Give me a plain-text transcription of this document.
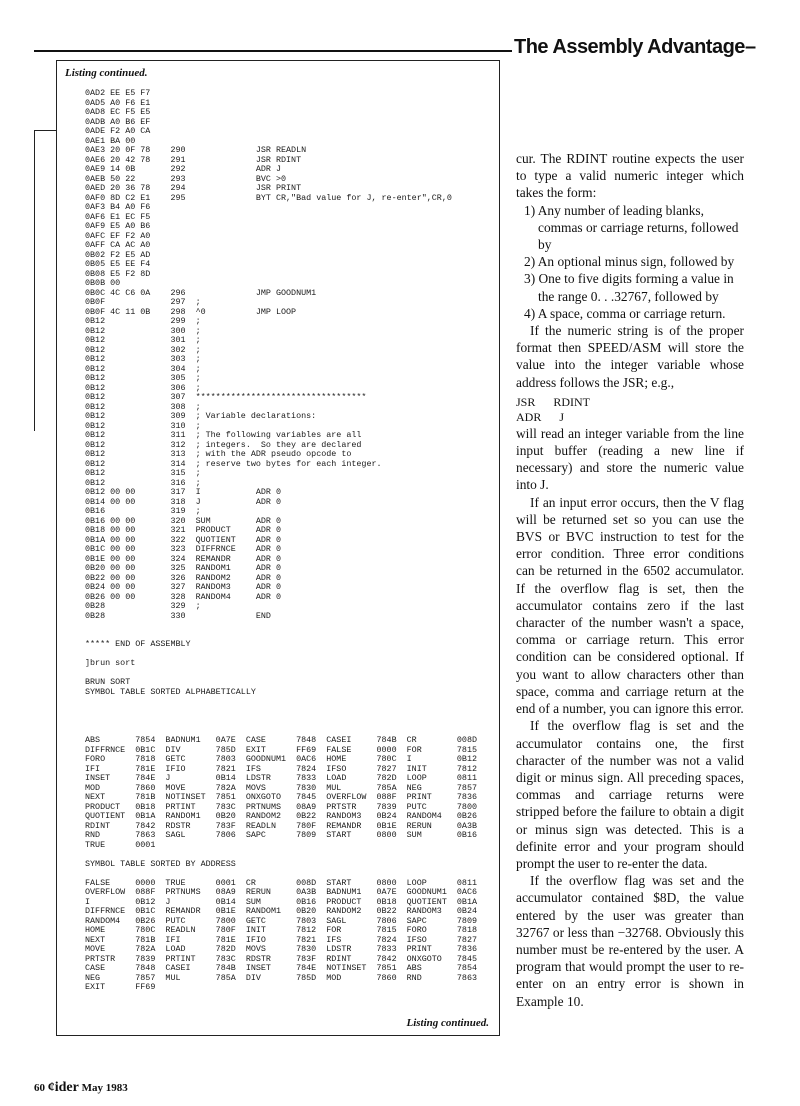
The Assembly Advantage–
Listing continued.
0AD2 EE E5 F7
0AD5 A0 F6 E1
0AD8 EC F5 E5
0ADB A0 B6 EF
0ADE F2 A0 CA
0AE1 BA 00
0AE3 20 0F 78    290              JSR READLN
0AE6 20 42 78    291              JSR RDINT
0AE9 14 0B       292              ADR J
0AEB 50 22       293              BVC >0
0AED 20 36 78    294              JSR PRINT
0AF0 8D C2 E1    295              BYT CR,"Bad value for J, re-enter",CR,0
0AF3 B4 A0 F6
0AF6 E1 EC F5
0AF9 E5 A0 B6
0AFC EF F2 A0
0AFF CA AC A0
0B02 F2 E5 AD
0B05 E5 EE F4
0B08 E5 F2 8D
0B0B 00
0B0C 4C C6 0A    296              JMP GOODNUM1
0B0F             297  ;
0B0F 4C 11 0B    298  ^0          JMP LOOP
0B12             299  ;
0B12             300  ;
0B12             301  ;
0B12             302  ;
0B12             303  ;
0B12             304  ;
0B12             305  ;
0B12             306  ;
0B12             307  **********************************
0B12             308  ;
0B12             309  ; Variable declarations:
0B12             310  ;
0B12             311  ; The following variables are all
0B12             312  ; integers.  So they are declared
0B12             313  ; with the ADR pseudo opcode to
0B12             314  ; reserve two bytes for each integer.
0B12             315  ;
0B12             316  ;
0B12 00 00       317  I           ADR 0
0B14 00 00       318  J           ADR 0
0B16             319  ;
0B16 00 00       320  SUM         ADR 0
0B18 00 00       321  PRODUCT     ADR 0
0B1A 00 00       322  QUOTIENT    ADR 0
0B1C 00 00       323  DIFFRNCE    ADR 0
0B1E 00 00       324  REMANDR     ADR 0
0B20 00 00       325  RANDOM1     ADR 0
0B22 00 00       326  RANDOM2     ADR 0
0B24 00 00       327  RANDOM3     ADR 0
0B26 00 00       328  RANDOM4     ADR 0
0B28             329  ;
0B28             330              END

***** END OF ASSEMBLY

]brun sort

BRUN SORT
SYMBOL TABLE SORTED ALPHABETICALLY
ABS       7854  BADNUM1   0A7E  CASE      7848  CASEI     784B  CR        008D
DIFFRNCE  0B1C  DIV       785D  EXIT      FF69  FALSE     0000  FOR       7815
FORO      7818  GETC      7803  GOODNUM1  0AC6  HOME      780C  I         0B12
IFI       781E  IFIO      7821  IFS       7824  IFSO      7827  INIT      7812
INSET     784E  J         0B14  LDSTR     7833  LOAD      782D  LOOP      0811
MOD       7860  MOVE      782A  MOVS      7830  MUL       785A  NEG       7857
NEXT      781B  NOTINSET  7851  ONXGOTO   7845  OVERFLOW  088F  PRINT     7836
PRODUCT   0B18  PRTINT    783C  PRTNUMS   08A9  PRTSTR    7839  PUTC      7800
QUOTIENT  0B1A  RANDOM1   0B20  RANDOM2   0B22  RANDOM3   0B24  RANDOM4   0B26
RDINT     7842  RDSTR     783F  READLN    780F  REMANDR   0B1E  RERUN     0A3B
RND       7863  SAGL      7806  SAPC      7809  START     0800  SUM       0B16
TRUE      0001

SYMBOL TABLE SORTED BY ADDRESS

FALSE     0000  TRUE      0001  CR        008D  START     0800  LOOP      0811
OVERFLOW  088F  PRTNUMS   08A9  RERUN     0A3B  BADNUM1   0A7E  GOODNUM1  0AC6
I         0B12  J         0B14  SUM       0B16  PRODUCT   0B18  QUOTIENT  0B1A
DIFFRNCE  0B1C  REMANDR   0B1E  RANDOM1   0B20  RANDOM2   0B22  RANDOM3   0B24
RANDOM4   0B26  PUTC      7800  GETC      7803  SAGL      7806  SAPC      7809
HOME      780C  READLN    780F  INIT      7812  FOR       7815  FORO      7818
NEXT      781B  IFI       781E  IFIO      7821  IFS       7824  IFSO      7827
MOVE      782A  LOAD      782D  MOVS      7830  LDSTR     7833  PRINT     7836
PRTSTR    7839  PRTINT    783C  RDSTR     783F  RDINT     7842  ONXGOTO   7845
CASE      7848  CASEI     784B  INSET     784E  NOTINSET  7851  ABS       7854
NEG       7857  MUL       785A  DIV       785D  MOD       7860  RND       7863
EXIT      FF69
Listing continued.

cur. The RDINT routine expects the user to type a valid numeric integer which takes the form:

1) Any number of leading blanks, commas or carriage returns, followed by
2) An optional minus sign, followed by
3) One to five digits forming a value in the range 0. . .32767, followed by
4) A space, comma or carriage return.

If the numeric string is of the proper format then SPEED/ASM will store the value into the integer variable whose address follows the JSR; e.g.,

JSR      RDINT
ADR      J

will read an integer variable from the line input buffer (reading a new line if necessary) and store the numeric value into J.

If an input error occurs, then the V flag will be returned set so you can use the BVS or BVC instruction to test for the error condition. Three error conditions can be returned in the 6502 accumulator. If the overflow flag is set, then the accumulator contains zero if the last character of the number wasn't a space, comma or carriage return. This error condition can be considered optional. If you want to allow characters other than space, comma and carriage return at the end of a number, you can ignore this error.

If the overflow flag is set and the accumulator contains one, the first character of the number was not a valid digit or minus sign. All preceding spaces, commas and carriage returns were stripped before the failure to obtain a digit or minus sign was detected. This is a definite error and your program should prompt the user to re-enter the data.

If the overflow flag was set and the accumulator contained $8D, the value entered by the user was greater than 32767 or less than −32768. Obviously this number must be re-entered by the user. A program that would prompt the user to re-enter on an entry error is shown in Example 10.

60 ¢ider May 1983
